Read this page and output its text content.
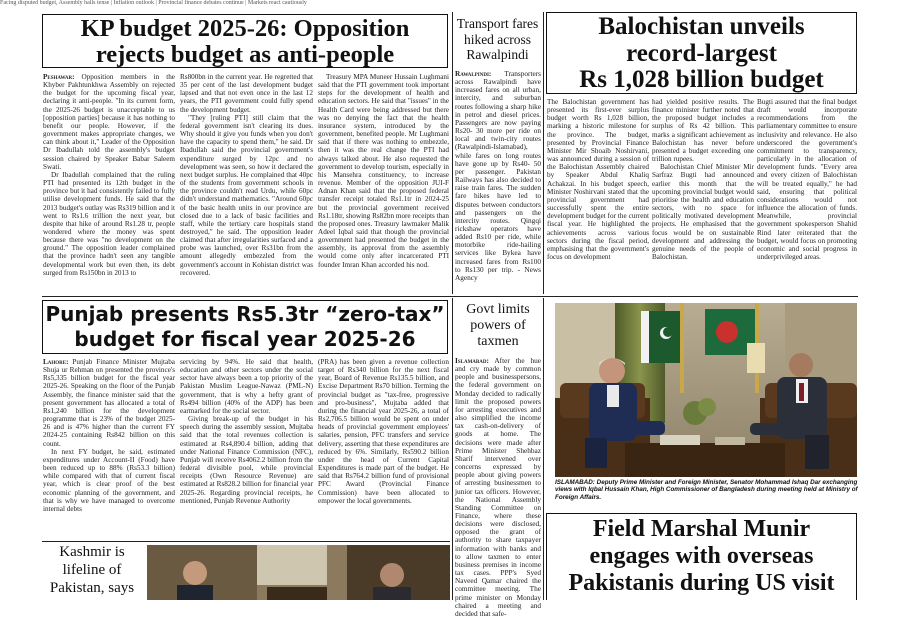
Facing disputed budget, Assembly halls tense | Inflation outlook | Provincial finance debates continue | Markets react cautiously
KP budget 2025-26: Opposition
rejects budget as anti-people

Peshawar: Opposition members in the Khyber Pakhtunkhwa Assembly on rejected the budget for the upcoming fiscal year, declaring it anti-people. "In its current form, the 2025-26 budget is unacceptable to us [opposition parties] because it has nothing to benefit our people. However, if the government makes appropriate changes, we can think about it," Leader of the Opposition Dr Ibadullah told the assembly's budget session chaired by Speaker Babar Saleem Swati.

Dr Ibadullah complained that the ruling PTI had presented its 12th budget in the province but it had consistently failed to fully utilise development funds. He said that the 2013 budget's outlay was Rs319 billion and it went to Rs1.6 trillion the next year, but despite that hike of around Rs1.28 tr, people wondered where the money was spent because there was "no development on the ground." The opposition leader complained that the province hadn't seen any tangible developmental work but even then, its debt surged from Rs150bn in 2013 to

Rs800bn in the current year. He regretted that 35 per cent of the last development budget lapsed and that not even once in the last 12 years, the PTI government could fully spend the development budget.

"They [ruling PTI] still claim that the federal government isn't clearing its dues. Why should it give you funds when you don't have the capacity to spend them," he said. Dr Ibadullah said the provincial government's expenditure surged by 12pc and no development was seen, so how it declared the next budget surplus. He complained that 40pc of the students from government schools in the province couldn't read Urdu, while 60pc didn't understand mathematics. "Around 60pc of the basic health units in our province are closed due to a lack of basic facilities and staff, while the tertiary care hospitals stand destroyed," he said. The opposition leader claimed that after irregularities surfaced and a probe was launched, over Rs31bn from the amount allegedly embezzled from the government's account in Kohistan district was recovered.

Treasury MPA Muneer Hussain Lughmani said that the PTI government took important steps for the development of health and education sectors. He said that "issues" in the Health Card were being addressed but there was no denying the fact that the health insurance system, introduced by the government, benefited people. Mr Lughmani said that if there was nothing to embezzle, then it was the real change the PTI had always talked about. He also requested the government to develop tourism, especially in his Mansehra constituency, to increase revenue. Member of the opposition JUI-F Adnan Khan said that the proposed federal transfer receipt totaled Rs1.1tr in 2024-25 but the provincial government received Rs1.18tr, showing Rs82bn more receipts than the proposed ones. Treasury lawmaker Malik Adeel Iqbal said that though the provincial government had presented the budget in the assembly, its approval from the assembly would come only after incarcerated PTI founder Imran Khan accorded his nod.

Transport fares
hiked across
Rawalpindi

Rawalpindi: Transporters across Rawalpindi have increased fares on all urban, intercity, and suburban routes following a sharp hike in petrol and diesel prices. Passengers are now paying Rs20- 30 more per ride on local and twin-city routes (Rawalpindi-Islamabad), while fares on long routes have gone up by Rs40- 50 per passenger. Pakistan Railways has also decided to raise train fares. The sudden fare hikes have led to disputes between conductors and passengers on the intercity routes. Qingqi rickshaw operators have added Rs10 per ride, while motorbike ride-hailing services like Bykea have increased fares from Rs100 to Rs130 per trip. - News Agency

Balochistan unveils
record-largest
Rs 1,028 billion budget

The Balochistan government has presented its first-ever surplus budget worth Rs 1,028 billion, marking a historic milestone for the province. The budget, presented by Provincial Finance Minister Mir Shoaib Noshirvani, was announced during a session of the Balochistan Assembly chaired by Speaker Abdul Khaliq Achakzai. In his budget speech, Minister Noshirvani stated that the provincial government had successfully spent the entire development budget for the current fiscal year. He highlighted the achievements across various sectors during the fiscal period, emphasising that the government's focus on development

had yielded positive results. The finance minister further noted that the proposed budget includes a surplus of Rs 42 billion. This marks a significant achievement as Balochistan has never before presented a budget exceeding one trillion rupees.

Balochistan Chief Minister Mir Sarfraz Bugti had announced earlier this month that the upcoming provincial budget would prioritise the health and education sectors, with no space for politically motivated development projects. He emphasised that the focus would be on sustainable development and addressing the genuine needs of the people of Balochistan.

Bugti assured that the final budget draft would incorporate recommendations from the parliamentary committee to ensure inclusivity and relevance. He also underscored the government's commitment to transparency, particularly in the allocation of development funds. "Every area and every citizen of Balochistan will be treated equally," he had said, ensuring that political considerations would not influence the allocation of funds. Meanwhile, provincial government spokesperson Shahid Rind later reiterated that the budget, would focus on promoting economic and social progress in underprivileged areas.

Punjab presents Rs5.3tr “zero-tax”
budget for fiscal year 2025-26

Lahore: Punjab Finance Minister Mujtaba Shuja ur Rehman on presented the province's Rs5,335 billion budget for the fiscal year 2025-26. Speaking on the floor of the Punjab Assembly, the finance minister said that the present government has allocated a total of Rs1,240 billion for the development programme that is 23% of the budget 2025-26 and is 47% higher than the current FY 2024-25 containing Rs842 billion on this count.

In next FY budget, he said, estimated expenditures under Account-II (Food) have been reduced up to 88% (Rs53.3 billion) while compared with that of current fiscal year, which is clear proof of the best economic planning of the government, and that is why we have managed to overcome internal debts

servicing by 94%. He said that health, education and other sectors under the social sector have always been a top priority of the Pakistan Muslim League-Nawaz (PML-N) government, that is why a hefty grant of Rs494 billion (40% of the ADP) has been earmarked for the social sector.

Giving break-up of the budget in his speech during the assembly session, Mujtaba said that the total revenues collection is estimated at Rs4,890.4 billion, adding that under National Finance Commission (NFC), Punjab will receive Rs4062.2 billion from the federal divisible pool, while provincial receipts (Own Resource Revenue) are estimated at Rs828.2 billion for financial year 2025-26. Regarding provincial receipts, he mentioned, Punjab Revenue Authority

(PRA) has been given a revenue collection target of Rs340 billion for the next fiscal year, Board of Revenue Rs135.5 billion, and Excise Department Rs70 billion. Terming the provincial budget as "tax-free, progressive and pro-business", Mujtaba added that during the financial year 2025-26, a total of Rs2,706.5 billion would be spent on under heads of provincial government employees' salaries, pension, PFC transfers and service delivery, asserting that these expenditures are reduced by 6%. Similarly, Rs590.2 billion under the head of Current Capital Expenditures is made part of the budget. He said that Rs764.2 billion fund of provisional PFC Award (Provincial Finance Commission) have been allocated to empower the local governments.

Govt limits
powers of
taxmen

Islamabad: After the hue and cry made by common people and businesspersons, the federal government on Monday decided to radically limit the proposed powers for arresting executives and also simplified the income tax cash-on-delivery of goods at home. The decisions were made after Prime Minister Shehbaz Sharif intervened over concerns expressed by people about giving powers of arresting businessmen to junior tax officers. However, the National Assembly Standing Committee on Finance, where these decisions were disclosed, opposed the grant of authority to share taxpayer information with banks and to allow taxmen to enter business premises in income tax cases. PPP's Syed Naveed Qamar chaired the committee meeting. The prime minister on Monday chaired a meeting and decided that safe-

ISLAMABAD: Deputy Prime Minister and Foreign Minister, Senator Mohammad Ishaq Dar exchanging views with Iqbal Hussain Khan, High Commissioner of Bangladesh during meeting held at Ministry of Foreign Affairs.
Field Marshal Munir
engages with overseas
Pakistanis during US visit
Kashmir is
lifeline of
Pakistan, says
